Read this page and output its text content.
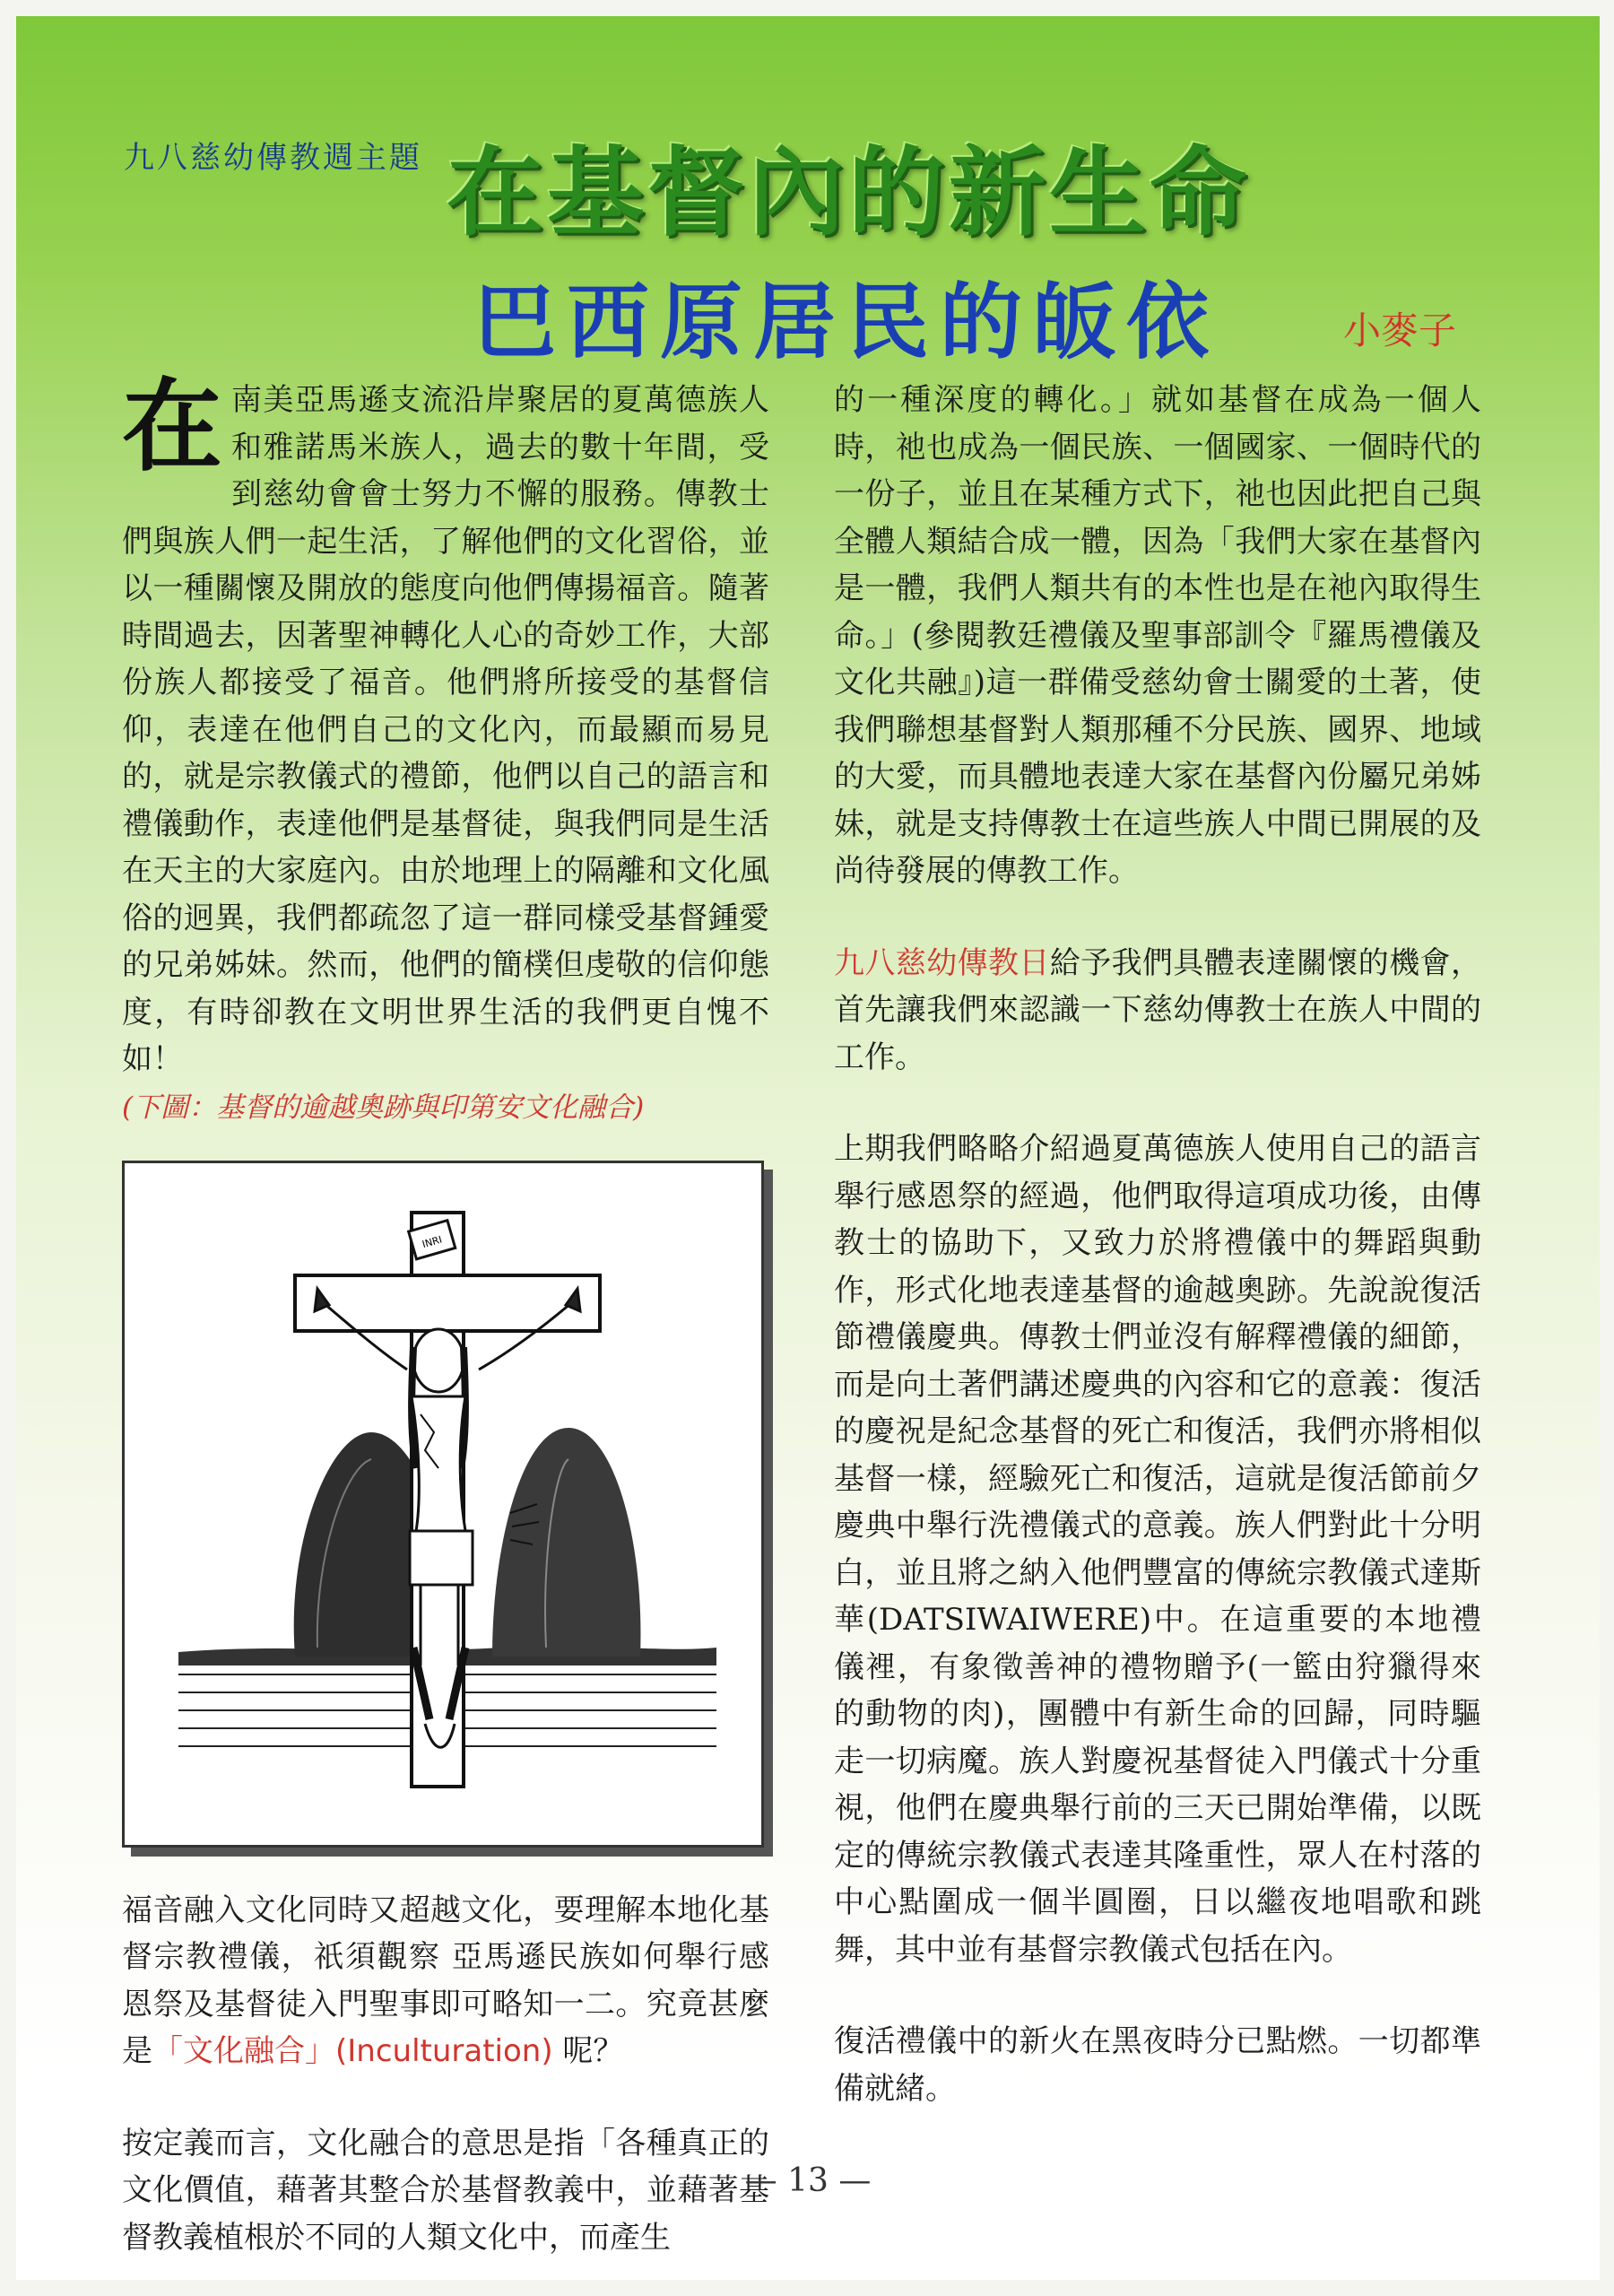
九八慈幼傳教週主題 在基督內的新生命
巴西原居民的皈依	小麥子

在南美亞馬遜支流沿岸聚居的夏萬德族人和雅諾馬米族人，過去的數十年間，受到慈幼會會士努力不懈的服務。傳教士們與族人們一起生活，了解他們的文化習俗，並以一種關懷及開放的態度向他們傳揚福音。隨著時間過去，因著聖神轉化人心的奇妙工作，大部份族人都接受了福音。他們將所接受的基督信仰，表達在他們自己的文化內，而最顯而易見的，就是宗教儀式的禮節，他們以自己的語言和禮儀動作，表達他們是基督徒，與我們同是生活在天主的大家庭內。由於地理上的隔離和文化風俗的迥異，我們都疏忽了這一群同樣受基督鍾愛的兄弟姊妹。然而，他們的簡樸但虔敬的信仰態度，有時卻教在文明世界生活的我們更自愧不如！

(下圖：基督的逾越奧跡與印第安文化融合)

INRI

福音融入文化同時又超越文化，要理解本地化基督宗教禮儀，祇須觀察 亞馬遜民族如何舉行感恩祭及基督徒入門聖事即可略知一二。究竟甚麼是「文化融合」(Inculturation) 呢？

按定義而言，文化融合的意思是指「各種真正的文化價值，藉著其整合於基督教義中，並藉著基督教義植根於不同的人類文化中，而產生

的一種深度的轉化。」就如基督在成為一個人時，祂也成為一個民族、一個國家、一個時代的一份子，並且在某種方式下，祂也因此把自己與全體人類結合成一體，因為「我們大家在基督內是一體，我們人類共有的本性也是在祂內取得生命。」(參閱教廷禮儀及聖事部訓令『羅馬禮儀及文化共融』)這一群備受慈幼會士關愛的土著，使我們聯想基督對人類那種不分民族、國界、地域的大愛，而具體地表達大家在基督內份屬兄弟姊妹，就是支持傳教士在這些族人中間已開展的及尚待發展的傳教工作。

九八慈幼傳教日給予我們具體表達關懷的機會，首先讓我們來認識一下慈幼傳教士在族人中間的工作。

上期我們略略介紹過夏萬德族人使用自己的語言舉行感恩祭的經過，他們取得這項成功後，由傳教士的協助下，又致力於將禮儀中的舞蹈與動作，形式化地表達基督的逾越奧跡。先說說復活節禮儀慶典。傳教士們並沒有解釋禮儀的細節，而是向土著們講述慶典的內容和它的意義：復活的慶祝是紀念基督的死亡和復活，我們亦將相似基督一樣，經驗死亡和復活，這就是復活節前夕慶典中舉行洗禮儀式的意義。族人們對此十分明白，並且將之納入他們豐富的傳統宗教儀式達斯華(DATSIWAIWERE)中。在這重要的本地禮儀裡，有象徵善神的禮物贈予(一籃由狩獵得來的動物的肉)，團體中有新生命的回歸，同時驅走一切病魔。族人對慶祝基督徒入門儀式十分重視，他們在慶典舉行前的三天已開始準備，以既定的傳統宗教儀式表達其隆重性，眾人在村落的中心點圍成一個半圓圈，日以繼夜地唱歌和跳舞，其中並有基督宗教儀式包括在內。

復活禮儀中的新火在黑夜時分已點燃。一切都準備就緒。

— 13 —
